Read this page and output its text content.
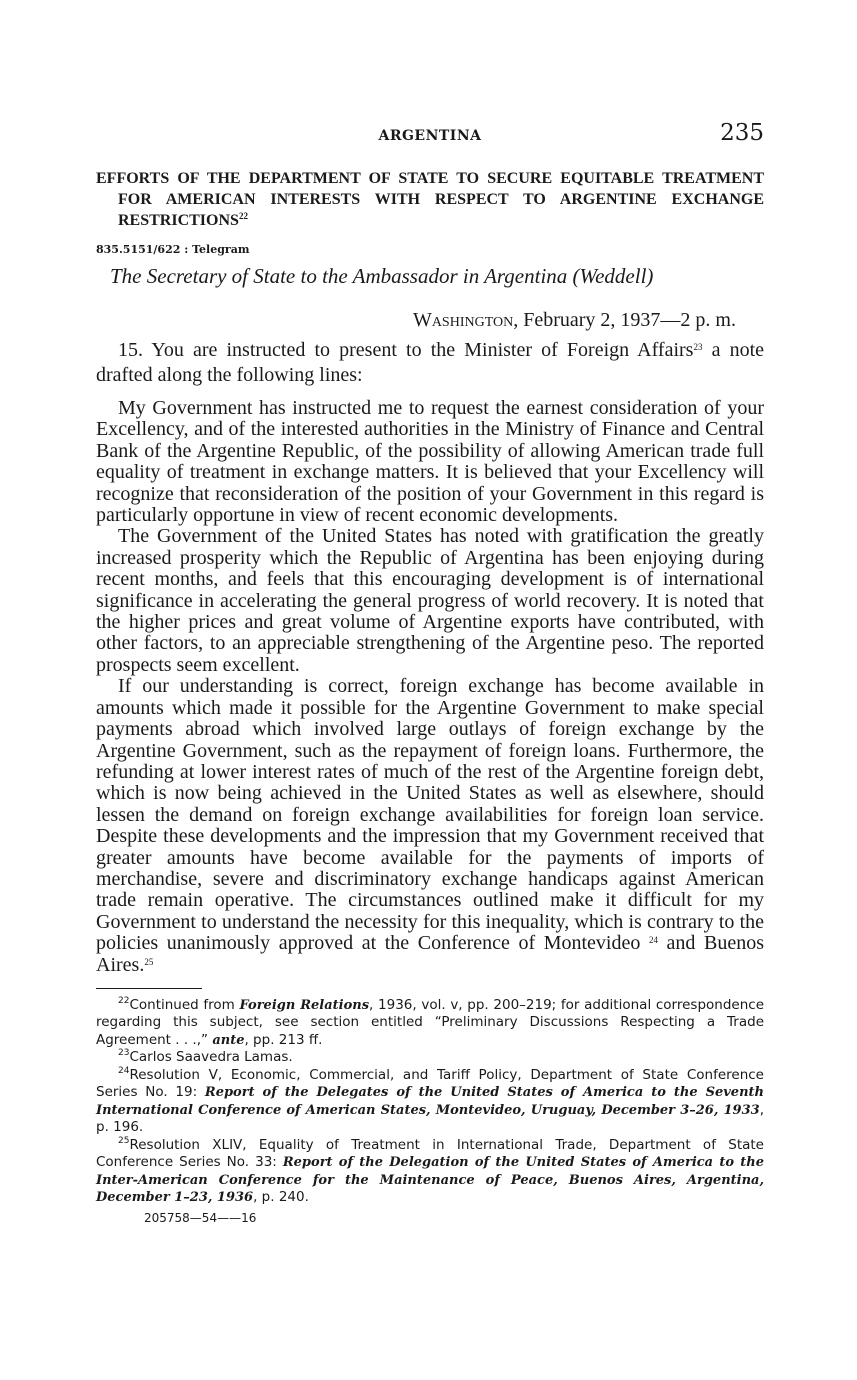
ARGENTINA	235
EFFORTS OF THE DEPARTMENT OF STATE TO SECURE EQUITABLE TREATMENT FOR AMERICAN INTERESTS WITH RESPECT TO ARGENTINE EXCHANGE RESTRICTIONS$^{22}$
835.5151/622 : Telegram
The Secretary of State to the Ambassador in Argentina (Weddell)
Washington, February 2, 1937—2 p. m.
15. You are instructed to present to the Minister of Foreign Affairs$^{23}$ a note drafted along the following lines:

My Government has instructed me to request the earnest consideration of your Excellency, and of the interested authorities in the Ministry of Finance and Central Bank of the Argentine Republic, of the possibility of allowing American trade full equality of treatment in exchange matters. It is believed that your Excellency will recognize that reconsideration of the position of your Government in this regard is particularly opportune in view of recent economic developments.

The Government of the United States has noted with gratification the greatly increased prosperity which the Republic of Argentina has been enjoying during recent months, and feels that this encouraging development is of international significance in accelerating the general progress of world recovery. It is noted that the higher prices and great volume of Argentine exports have contributed, with other factors, to an appreciable strengthening of the Argentine peso. The reported prospects seem excellent.

If our understanding is correct, foreign exchange has become available in amounts which made it possible for the Argentine Government to make special payments abroad which involved large outlays of foreign exchange by the Argentine Government, such as the repayment of foreign loans. Furthermore, the refunding at lower interest rates of much of the rest of the Argentine foreign debt, which is now being achieved in the United States as well as elsewhere, should lessen the demand on foreign exchange availabilities for foreign loan service. Despite these developments and the impression that my Government received that greater amounts have become available for the payments of imports of merchandise, severe and discriminatory exchange handicaps against American trade remain operative. The circumstances outlined make it difficult for my Government to understand the necessity for this inequality, which is contrary to the policies unanimously approved at the Conference of Montevideo $^{24}$ and Buenos Aires.$^{25}$

$^{22}$Continued from Foreign Relations, 1936, vol. v, pp. 200–219; for additional correspondence regarding this subject, see section entitled “Preliminary Discussions Respecting a Trade Agreement . . .,” ante, pp. 213 ff.

$^{23}$Carlos Saavedra Lamas.

$^{24}$Resolution V, Economic, Commercial, and Tariff Policy, Department of State Conference Series No. 19: Report of the Delegates of the United States of America to the Seventh International Conference of American States, Montevideo, Uruguay, December 3–26, 1933, p. 196.

$^{25}$Resolution XLIV, Equality of Treatment in International Trade, Department of State Conference Series No. 33: Report of the Delegation of the United States of America to the Inter-American Conference for the Maintenance of Peace, Buenos Aires, Argentina, December 1–23, 1936, p. 240.

205758—54——16
